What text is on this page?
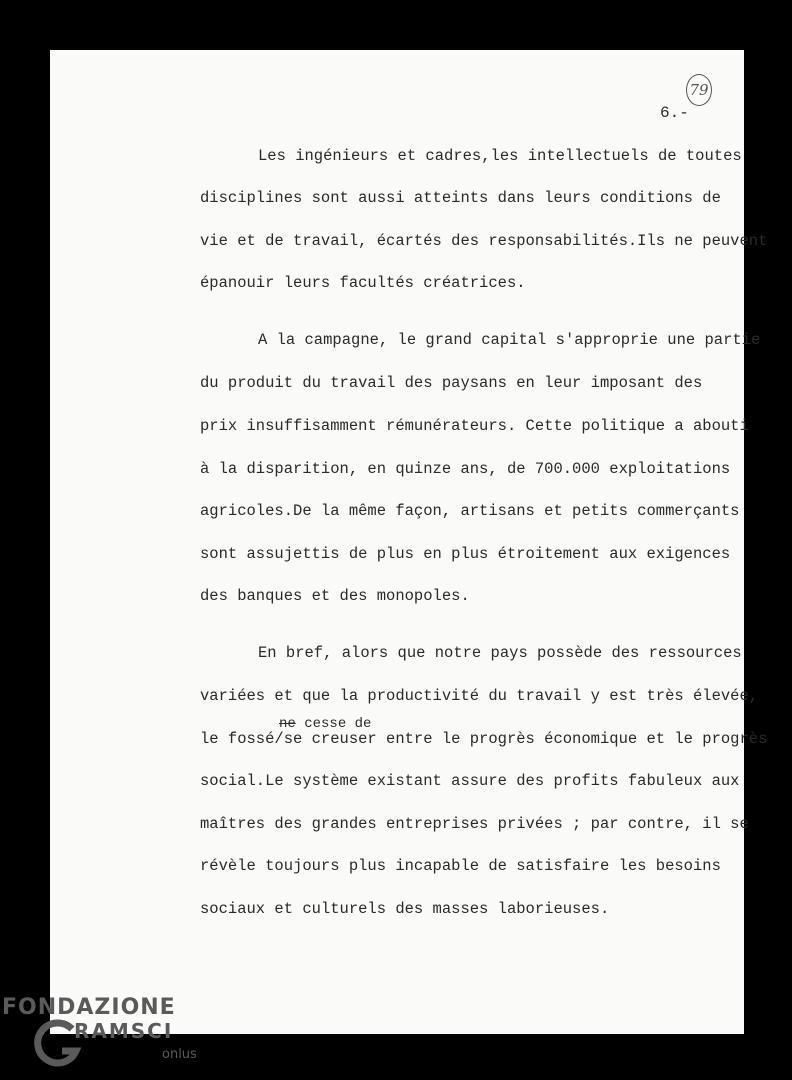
79
6.-
Les ingénieurs et cadres,les intellectuels de toutes
disciplines sont aussi atteints dans leurs conditions de
vie et de travail, écartés des responsabilités.Ils ne peuvent
épanouir leurs facultés créatrices.
A la campagne, le grand capital s'approprie une partie
du produit du travail des paysans en leur imposant des
prix insuffisamment rémunérateurs. Cette politique a abouti
à la disparition, en quinze ans, de 700.000 exploitations
agricoles.De la même façon, artisans et petits commerçants
sont assujettis de plus en plus étroitement aux exigences
des banques et des monopoles.
En bref, alors que notre pays possède des ressources
variées et que la productivité du travail y est très élevée,
ne cesse de
le fossé/se creuser entre le progrès économique et le progrès
social.Le système existant assure des profits fabuleux aux
maîtres des grandes entreprises privées ; par contre, il se
révèle toujours plus incapable de satisfaire les besoins
sociaux et culturels des masses laborieuses.
FONDAZIONE
RAMSCI
onlus
